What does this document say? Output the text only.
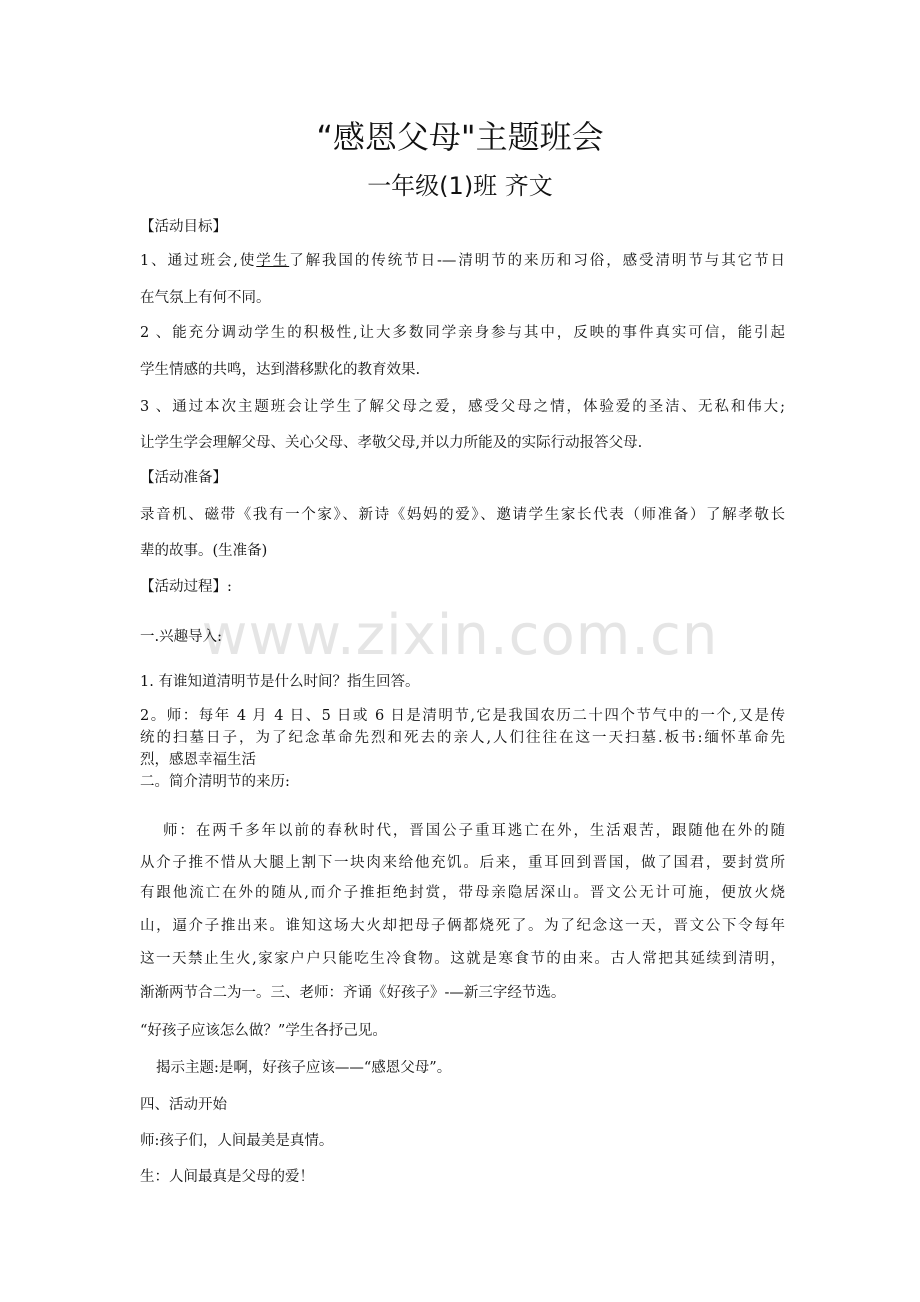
www.zixin.com.cn
“感恩父母"主题班会
一年级(1)班 齐文
【活动目标】
1、通过班会,使学生了解我国的传统节日-—清明节的来历和习俗，感受清明节与其它节日
在气氛上有何不同。
2 、能充分调动学生的积极性,让大多数同学亲身参与其中，反映的事件真实可信，能引起
学生情感的共鸣，达到潜移默化的教育效果.
3 、通过本次主题班会让学生了解父母之爱，感受父母之情，体验爱的圣洁、无私和伟大;
让学生学会理解父母、关心父母、孝敬父母,并以力所能及的实际行动报答父母.
【活动准备】
录音机、磁带《我有一个家》、新诗《妈妈的爱》、邀请学生家长代表（师准备）了解孝敬长
辈的故事。(生准备)
【活动过程】:
一.兴趣导入:
1. 有谁知道清明节是什么时间？指生回答。
2。师：每年 4 月 4 日、5 日或 6 日是清明节,它是我国农历二十四个节气中的一个,又是传
统的扫墓日子，为了纪念革命先烈和死去的亲人,人们往往在这一天扫墓.板书:缅怀革命先
烈，感恩幸福生活
二。简介清明节的来历:
师：在两千多年以前的春秋时代，晋国公子重耳逃亡在外，生活艰苦，跟随他在外的随
从介子推不惜从大腿上割下一块肉来给他充饥。后来，重耳回到晋国，做了国君，要封赏所
有跟他流亡在外的随从,而介子推拒绝封赏，带母亲隐居深山。晋文公无计可施，便放火烧
山，逼介子推出来。谁知这场大火却把母子俩都烧死了。为了纪念这一天，晋文公下令每年
这一天禁止生火,家家户户只能吃生冷食物。这就是寒食节的由来。古人常把其延续到清明，
渐渐两节合二为一。三、老师：齐诵《好孩子》-—新三字经节选。
“好孩子应该怎么做？”学生各抒己见。
揭示主题:是啊，好孩子应该——“感恩父母”。
四、活动开始
师:孩子们，人间最美是真情。
生：人间最真是父母的爱！
